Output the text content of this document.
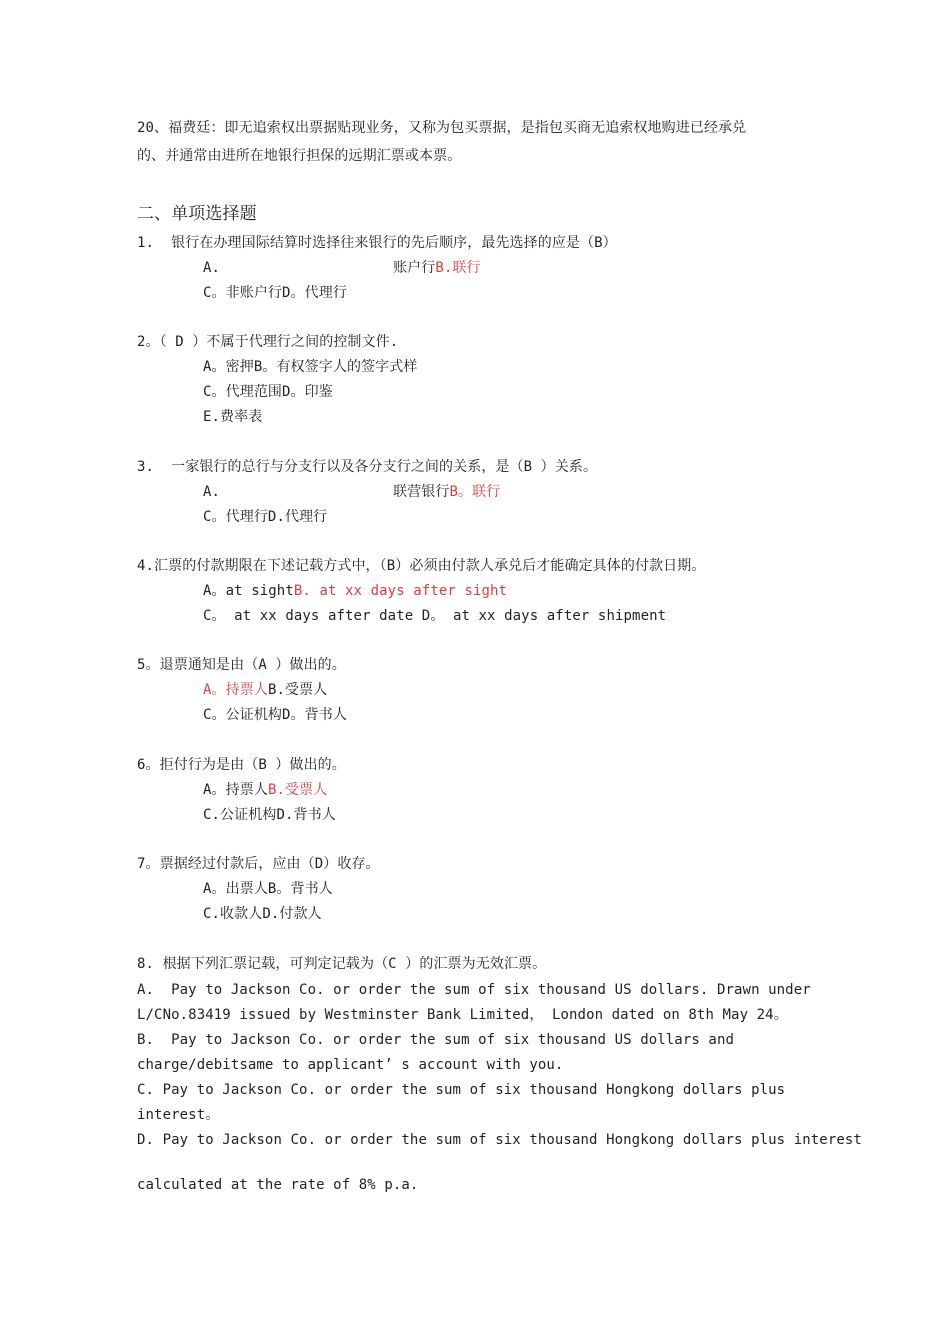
20、福费廷：即无追索权出票据贴现业务，又称为包买票据，是指包买商无追索权地购进已经承兑
的、并通常由进所在地银行担保的远期汇票或本票。
二、单项选择题
1.  银行在办理国际结算时选择往来银行的先后顺序，最先选择的应是（B）
A.	账户行B.联行
C。非账户行D。代理行
2。（ D ）不属于代理行之间的控制文件.
A。密押B。有权签字人的签字式样
C。代理范围D。印鉴
E.费率表
3.  一家银行的总行与分支行以及各分支行之间的关系，是（B ）关系。
A.	联营银行B。联行
C。代理行D.代理行
4.汇票的付款期限在下述记载方式中，（B）必须由付款人承兑后才能确定具体的付款日期。
A。at sightB. at xx days after sight
C。 at xx days after date D。 at xx days after shipment
5。退票通知是由（A ）做出的。
A。持票人B.受票人
C。公证机构D。背书人
6。拒付行为是由（B ）做出的。
A。持票人B.受票人
C.公证机构D.背书人
7。票据经过付款后，应由（D）收存。
A。出票人B。背书人
C.收款人D.付款人
8. 根据下列汇票记载，可判定记载为（C ）的汇票为无效汇票。
A.  Pay to Jackson Co. or order the sum of six thousand US dollars. Drawn under
L/CNo.83419 issued by Westminster Bank Limited， London dated on 8th May 24。
B.  Pay to Jackson Co. or order the sum of six thousand US dollars and
charge/debitsame to applicant’ s account with you.
C. Pay to Jackson Co. or order the sum of six thousand Hongkong dollars plus
interest。
D. Pay to Jackson Co. or order the sum of six thousand Hongkong dollars plus interest
calculated at the rate of 8% p.a.
